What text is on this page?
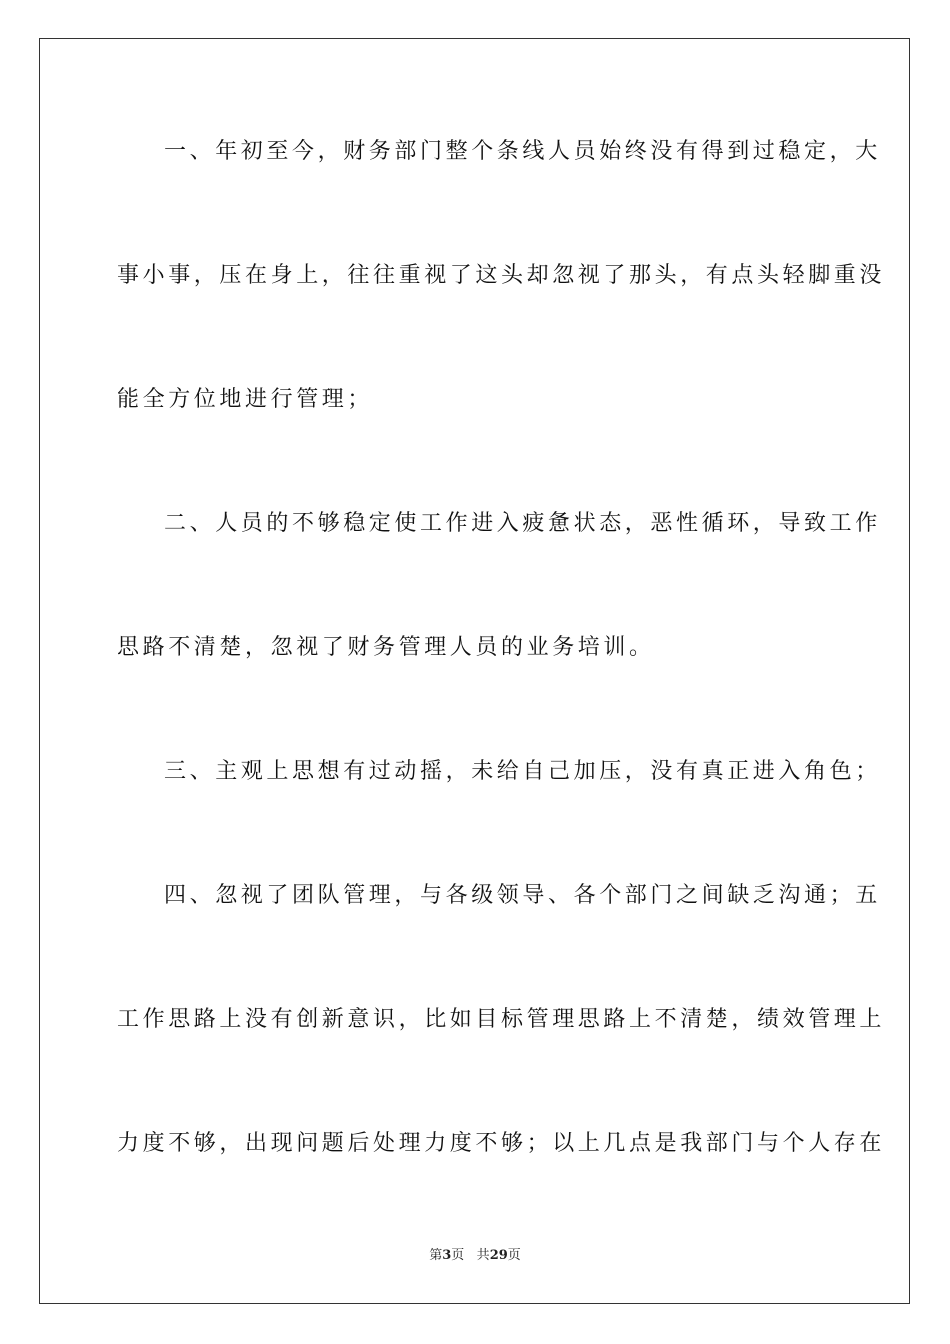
一、年初至今，财务部门整个条线人员始终没有得到过稳定，大
事小事，压在身上，往往重视了这头却忽视了那头，有点头轻脚重没
能全方位地进行管理；
二、人员的不够稳定使工作进入疲惫状态，恶性循环，导致工作
思路不清楚，忽视了财务管理人员的业务培训。
三、主观上思想有过动摇，未给自己加压，没有真正进入角色；
四、忽视了团队管理，与各级领导、各个部门之间缺乏沟通；五
工作思路上没有创新意识，比如目标管理思路上不清楚，绩效管理上
力度不够，出现问题后处理力度不够；以上几点是我部门与个人存在
第3页 共29页
